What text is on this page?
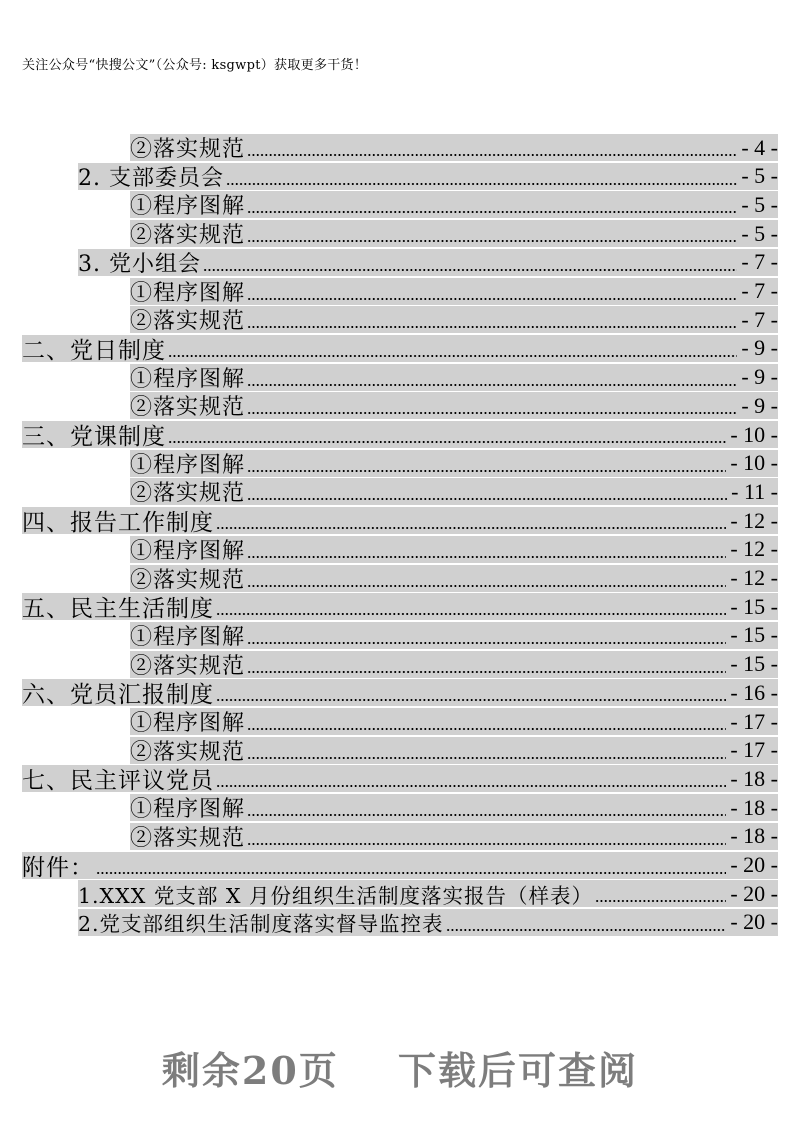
关注公众号“快搜公文”（公众号: ksgwpt）获取更多干货！
②落实规范	- 4 -
2. 支部委员会	- 5 -
①程序图解	- 5 -
②落实规范	- 5 -
3. 党小组会	- 7 -
①程序图解	- 7 -
②落实规范	- 7 -
二、党日制度	- 9 -
①程序图解	- 9 -
②落实规范	- 9 -
三、党课制度	- 10 -
①程序图解	- 10 -
②落实规范	- 11 -
四、报告工作制度	- 12 -
①程序图解	- 12 -
②落实规范	- 12 -
五、民主生活制度	- 15 -
①程序图解	- 15 -
②落实规范	- 15 -
六、党员汇报制度	- 16 -
①程序图解	- 17 -
②落实规范	- 17 -
七、民主评议党员	- 18 -
①程序图解	- 18 -
②落实规范	- 18 -
附件：	- 20 -
1.XXX 党支部 X 月份组织生活制度落实报告（样表）	- 20 -
2.党支部组织生活制度落实督导监控表	- 20 -
剩余20页 下载后可查阅
